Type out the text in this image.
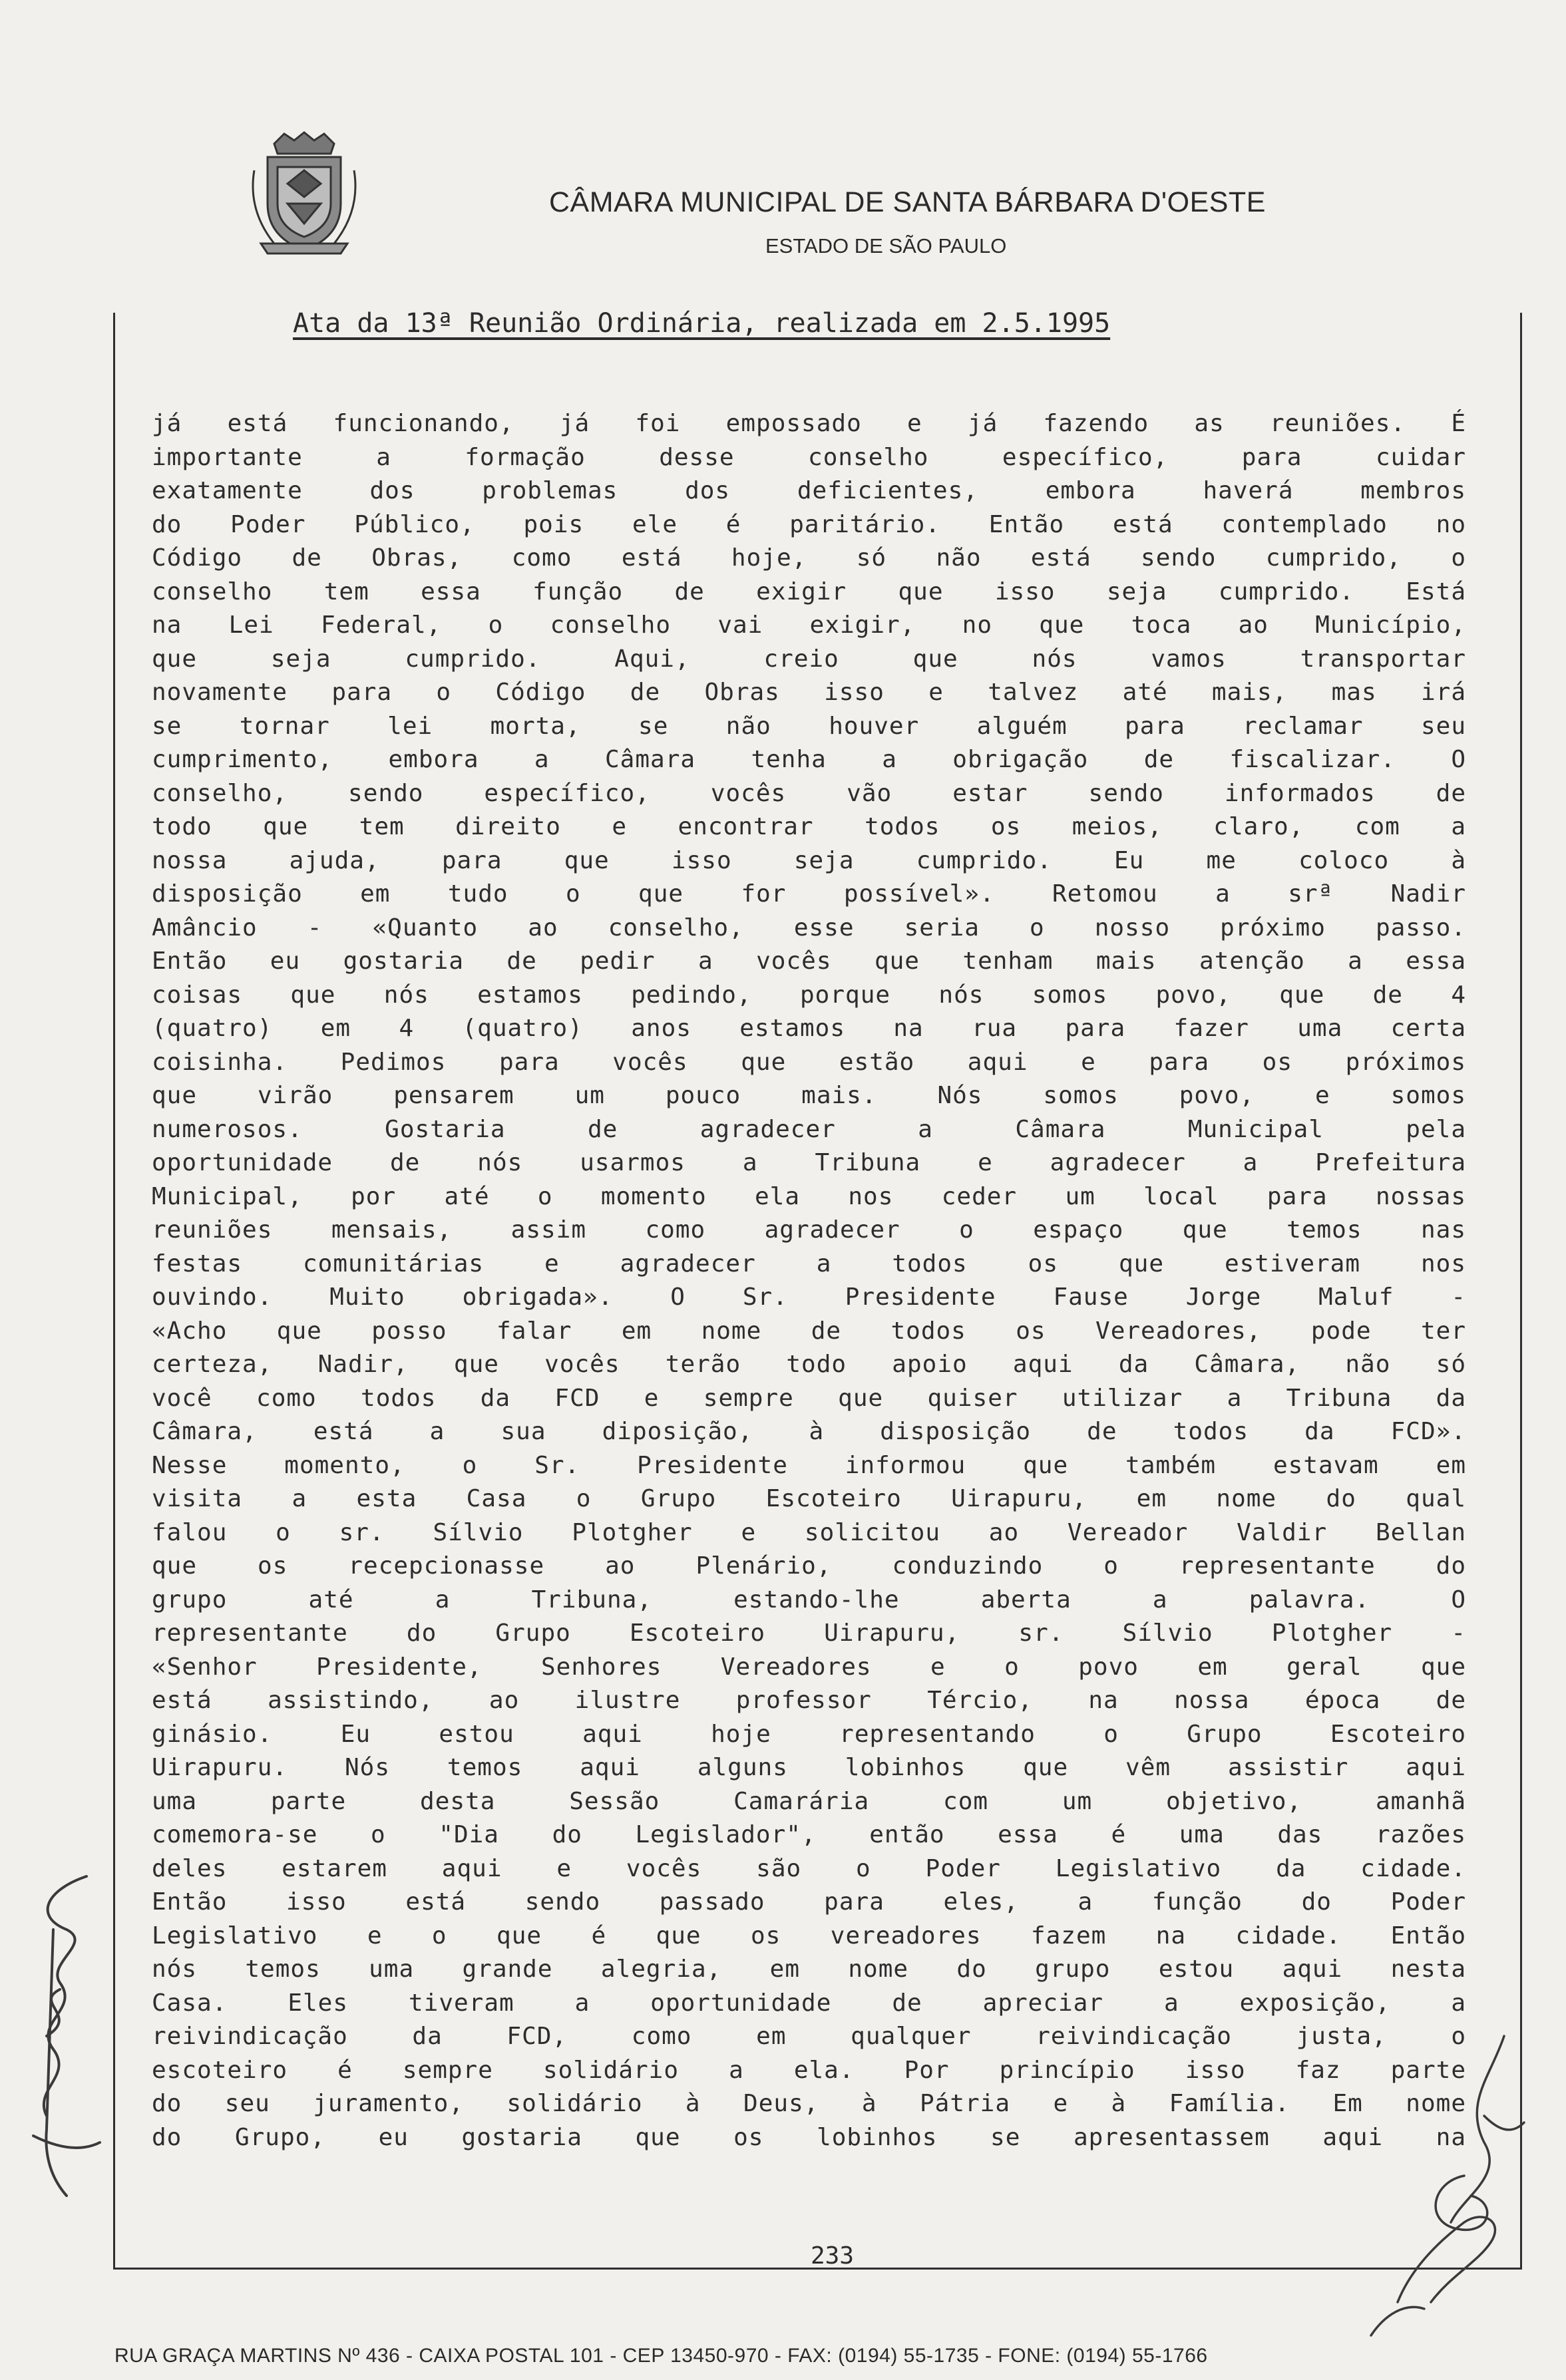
CÂMARA MUNICIPAL DE SANTA BÁRBARA D'OESTE
ESTADO DE SÃO PAULO
Ata da 13ª Reunião Ordinária, realizada em 2.5.1995
já está funcionando, já foi empossado e já fazendo as reuniões. É
importante a formação desse conselho específico, para cuidar
exatamente dos problemas dos deficientes, embora haverá membros
do Poder Público, pois ele é paritário. Então está contemplado no
Código de Obras, como está hoje, só não está sendo cumprido, o
conselho tem essa função de exigir que isso seja cumprido. Está
na Lei Federal, o conselho vai exigir, no que toca ao Município,
que seja cumprido. Aqui, creio que nós vamos transportar
novamente para o Código de Obras isso e talvez até mais, mas irá
se tornar lei morta, se não houver alguém para reclamar seu
cumprimento, embora a Câmara tenha a obrigação de fiscalizar. O
conselho, sendo específico, vocês vão estar sendo informados de
todo que tem direito e encontrar todos os meios, claro, com a
nossa ajuda, para que isso seja cumprido. Eu me coloco à
disposição em tudo o que for possível». Retomou a srª Nadir
Amâncio - «Quanto ao conselho, esse seria o nosso próximo passo.
Então eu gostaria de pedir a vocês que tenham mais atenção a essa
coisas que nós estamos pedindo, porque nós somos povo, que de 4
(quatro) em 4 (quatro) anos estamos na rua para fazer uma certa
coisinha. Pedimos para vocês que estão aqui e para os próximos
que virão pensarem um pouco mais. Nós somos povo, e somos
numerosos. Gostaria de agradecer a Câmara Municipal pela
oportunidade de nós usarmos a Tribuna e agradecer a Prefeitura
Municipal, por até o momento ela nos ceder um local para nossas
reuniões mensais, assim como agradecer o espaço que temos nas
festas comunitárias e agradecer a todos os que estiveram nos
ouvindo. Muito obrigada». O Sr. Presidente Fause Jorge Maluf -
«Acho que posso falar em nome de todos os Vereadores, pode ter
certeza, Nadir, que vocês terão todo apoio aqui da Câmara, não só
você como todos da FCD e sempre que quiser utilizar a Tribuna da
Câmara, está a sua diposição, à disposição de todos da FCD».
Nesse momento, o Sr. Presidente informou que também estavam em
visita a esta Casa o Grupo Escoteiro Uirapuru, em nome do qual
falou o sr. Sílvio Plotgher e solicitou ao Vereador Valdir Bellan
que os recepcionasse ao Plenário, conduzindo o representante do
grupo até a Tribuna, estando-lhe aberta a palavra. O
representante do Grupo Escoteiro Uirapuru, sr. Sílvio Plotgher -
«Senhor Presidente, Senhores Vereadores e o povo em geral que
está assistindo, ao ilustre professor Tércio, na nossa época de
ginásio. Eu estou aqui hoje representando o Grupo Escoteiro
Uirapuru. Nós temos aqui alguns lobinhos que vêm assistir aqui
uma parte desta Sessão Camarária com um objetivo, amanhã
comemora-se o "Dia do Legislador", então essa é uma das razões
deles estarem aqui e vocês são o Poder Legislativo da cidade.
Então isso está sendo passado para eles, a função do Poder
Legislativo e o que é que os vereadores fazem na cidade. Então
nós temos uma grande alegria, em nome do grupo estou aqui nesta
Casa. Eles tiveram a oportunidade de apreciar a exposição, a
reivindicação da FCD, como em qualquer reivindicação justa, o
escoteiro é sempre solidário a ela. Por princípio isso faz parte
do seu juramento, solidário à Deus, à Pátria e à Família. Em nome
do Grupo, eu gostaria que os lobinhos se apresentassem aqui na
233
RUA GRAÇA MARTINS Nº 436 - CAIXA POSTAL 101 - CEP 13450-970 - FAX: (0194) 55-1735 - FONE: (0194) 55-1766
